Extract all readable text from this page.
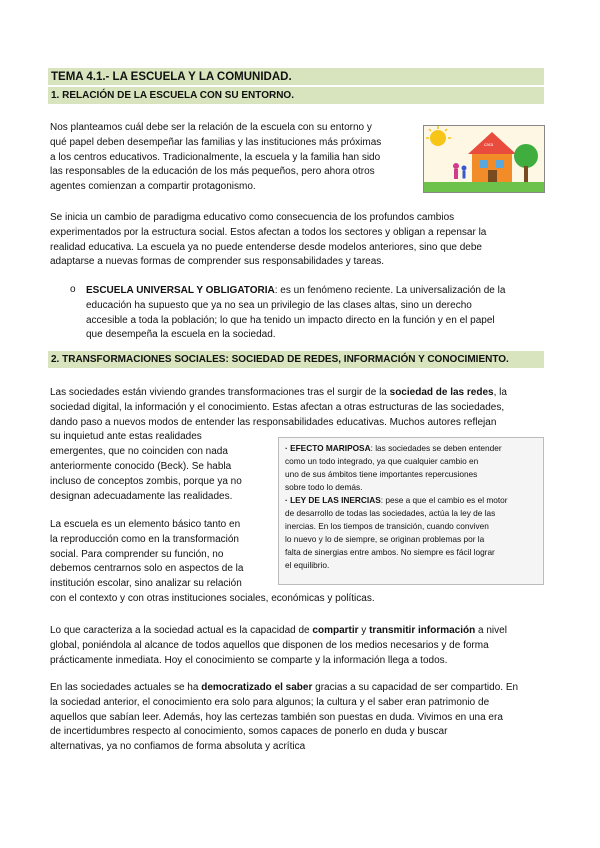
TEMA 4.1.- LA ESCUELA Y LA COMUNIDAD.
1. RELACIÓN DE LA ESCUELA CON SU ENTORNO.
Nos planteamos cuál debe ser la relación de la escuela con su entorno y
qué papel deben desempeñar las familias y las instituciones más próximas
a los centros educativos. Tradicionalmente, la escuela y la familia han sido
las responsables de la educación de los más pequeños, pero ahora otros
agentes comienzan a compartir protagonismo.
casa
Se inicia un cambio de paradigma educativo como consecuencia de los profundos cambios
experimentados por la estructura social. Estos afectan a todos los sectores y obligan a repensar la
realidad educativa. La escuela ya no puede entenderse desde modelos anteriores, sino que debe
adaptarse a nuevas formas de comprender sus responsabilidades y tareas.
o ESCUELA UNIVERSAL Y OBLIGATORIA: es un fenómeno reciente. La universalización de la
educación ha supuesto que ya no sea un privilegio de las clases altas, sino un derecho
accesible a toda la población; lo que ha tenido un impacto directo en la función y en el papel
que desempeña la escuela en la sociedad.
2. TRANSFORMACIONES SOCIALES: SOCIEDAD DE REDES, INFORMACIÓN Y CONOCIMIENTO.
Las sociedades están viviendo grandes transformaciones tras el surgir de la sociedad de las redes, la
sociedad digital, la información y el conocimiento. Estas afectan a otras estructuras de las sociedades,
dando paso a nuevos modos de entender las responsabilidades educativas. Muchos autores reflejan
su inquietud ante estas realidades
emergentes, que no coinciden con nada
anteriormente conocido (Beck). Se habla
incluso de conceptos zombis, porque ya no
designan adecuadamente las realidades.
· EFECTO MARIPOSA: las sociedades se deben entender
como un todo integrado, ya que cualquier cambio en
uno de sus ámbitos tiene importantes repercusiones
sobre todo lo demás.
· LEY DE LAS INERCIAS: pese a que el cambio es el motor
de desarrollo de todas las sociedades, actúa la ley de las
inercias. En los tiempos de transición, cuando conviven
lo nuevo y lo de siempre, se originan problemas por la
falta de sinergias entre ambos. No siempre es fácil lograr
el equilibrio.
La escuela es un elemento básico tanto en
la reproducción como en la transformación
social. Para comprender su función, no
debemos centrarnos solo en aspectos de la
institución escolar, sino analizar su relación
con el contexto y con otras instituciones sociales, económicas y políticas.
Lo que caracteriza a la sociedad actual es la capacidad de compartir y transmitir información a nivel
global, poniéndola al alcance de todos aquellos que disponen de los medios necesarios y de forma
prácticamente inmediata. Hoy el conocimiento se comparte y la información llega a todos.
En las sociedades actuales se ha democratizado el saber gracias a su capacidad de ser compartido. En
la sociedad anterior, el conocimiento era solo para algunos; la cultura y el saber eran patrimonio de
aquellos que sabían leer. Además, hoy las certezas también son puestas en duda. Vivimos en una era
de incertidumbres respecto al conocimiento, somos capaces de ponerlo en duda y buscar
alternativas, ya no confiamos de forma absoluta y acrítica
